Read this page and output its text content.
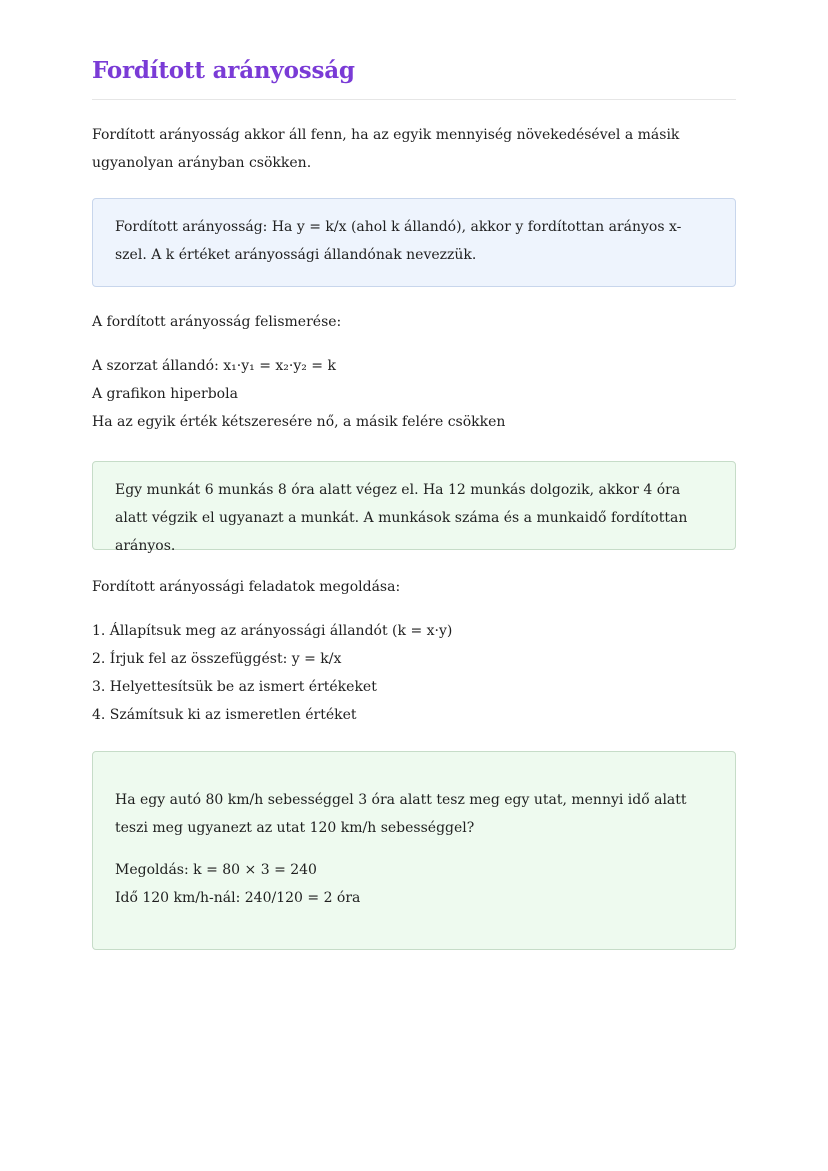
Fordított arányosság

Fordított arányosság akkor áll fenn, ha az egyik mennyiség növekedésével a másik ugyanolyan arányban csökken.

Fordított arányosság: Ha y = k/x (ahol k állandó), akkor y fordítottan arányos x-szel. A k értéket arányossági állandónak nevezzük.

A fordított arányosság felismerése:

A szorzat állandó: x₁·y₁ = x₂·y₂ = k

A grafikon hiperbola

Ha az egyik érték kétszeresére nő, a másik felére csökken

Egy munkát 6 munkás 8 óra alatt végez el. Ha 12 munkás dolgozik, akkor 4 óra alatt végzik el ugyanazt a munkát. A munkások száma és a munkaidő fordítottan arányos.

Fordított arányossági feladatok megoldása:

1. Állapítsuk meg az arányossági állandót (k = x·y)

2. Írjuk fel az összefüggést: y = k/x

3. Helyettesítsük be az ismert értékeket

4. Számítsuk ki az ismeretlen értéket

Ha egy autó 80 km/h sebességgel 3 óra alatt tesz meg egy utat, mennyi idő alatt teszi meg ugyanezt az utat 120 km/h sebességgel?

Megoldás: k = 80 × 3 = 240

Idő 120 km/h-nál: 240/120 = 2 óra
